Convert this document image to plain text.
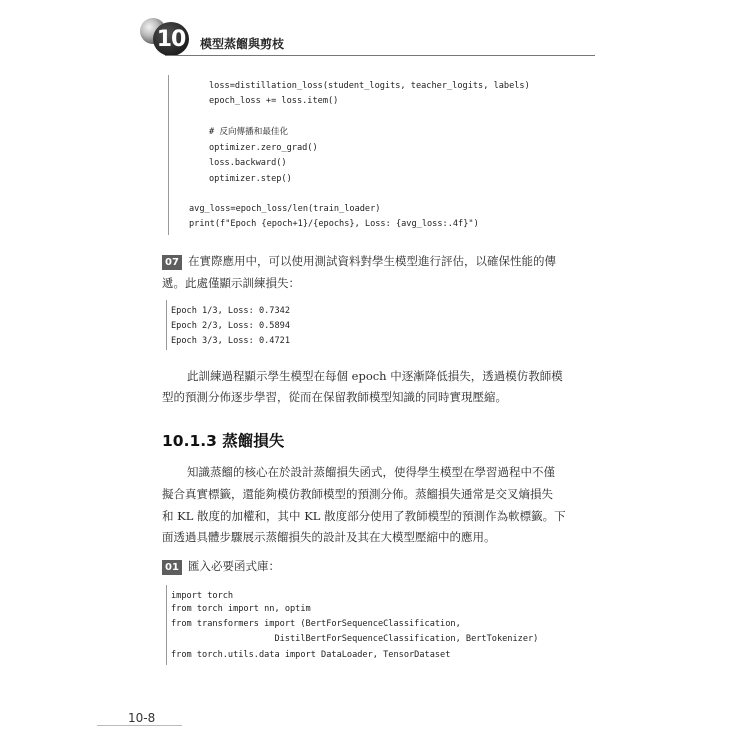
10	模型蒸餾與剪枝
loss=distillation_loss(student_logits, teacher_logits, labels)
epoch_loss += loss.item()
# 反向傳播和最佳化
optimizer.zero_grad()
loss.backward()
optimizer.step()
avg_loss=epoch_loss/len(train_loader)
print(f"Epoch {epoch+1}/{epochs}, Loss: {avg_loss:.4f}")
07 在實際應用中，可以使用測試資料對學生模型進行評估，以確保性能的傳
遞。此處僅顯示訓練損失：
Epoch 1/3, Loss: 0.7342
Epoch 2/3, Loss: 0.5894
Epoch 3/3, Loss: 0.4721
此訓練過程顯示學生模型在每個 epoch 中逐漸降低損失，透過模仿教師模
型的預測分佈逐步學習，從而在保留教師模型知識的同時實現壓縮。
10.1.3 蒸餾損失
知識蒸餾的核心在於設計蒸餾損失函式，使得學生模型在學習過程中不僅
擬合真實標籤，還能夠模仿教師模型的預測分佈。蒸餾損失通常是交叉熵損失
和 KL 散度的加權和，其中 KL 散度部分使用了教師模型的預測作為軟標籤。下
面透過具體步驟展示蒸餾損失的設計及其在大模型壓縮中的應用。
01 匯入必要函式庫：
import torch
from torch import nn, optim
from transformers import (BertForSequenceClassification,
DistilBertForSequenceClassification, BertTokenizer)
from torch.utils.data import DataLoader, TensorDataset
10-8
